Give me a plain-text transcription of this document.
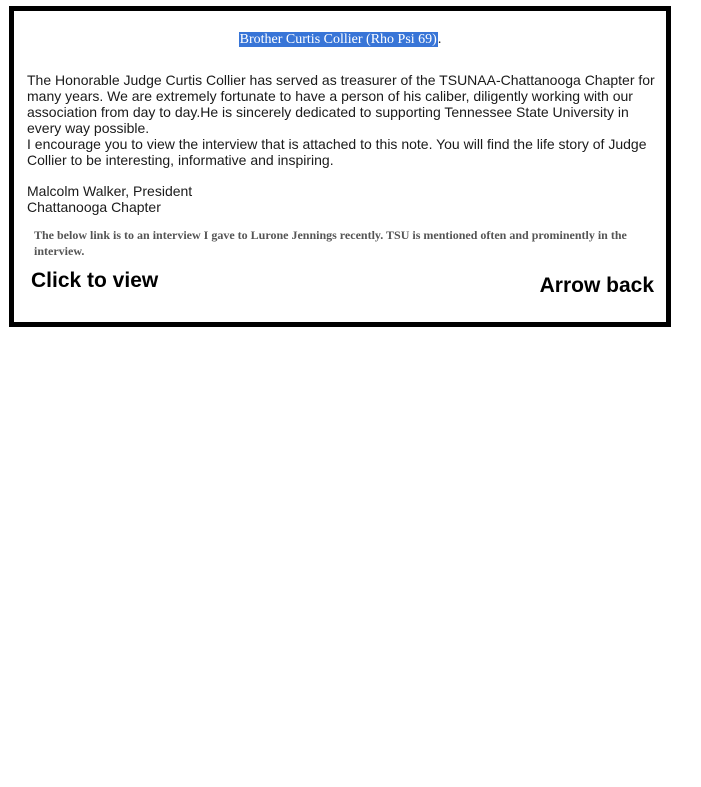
Brother Curtis Collier (Rho Psi 69).

The Honorable Judge Curtis Collier has served as treasurer of the TSUNAA-Chattanooga Chapter for many years. We are extremely fortunate to have a person of his caliber, diligently working with our association from day to day.He is sincerely dedicated to supporting Tennessee State University in every way possible.

I encourage you to view the interview that is attached to this note. You will find the life story of Judge Collier to be interesting, informative and inspiring.

Malcolm Walker, President
Chattanooga Chapter
The below link is to an interview I gave to Lurone Jennings recently. TSU is mentioned often and prominently in the interview.
Click to view	Arrow back
